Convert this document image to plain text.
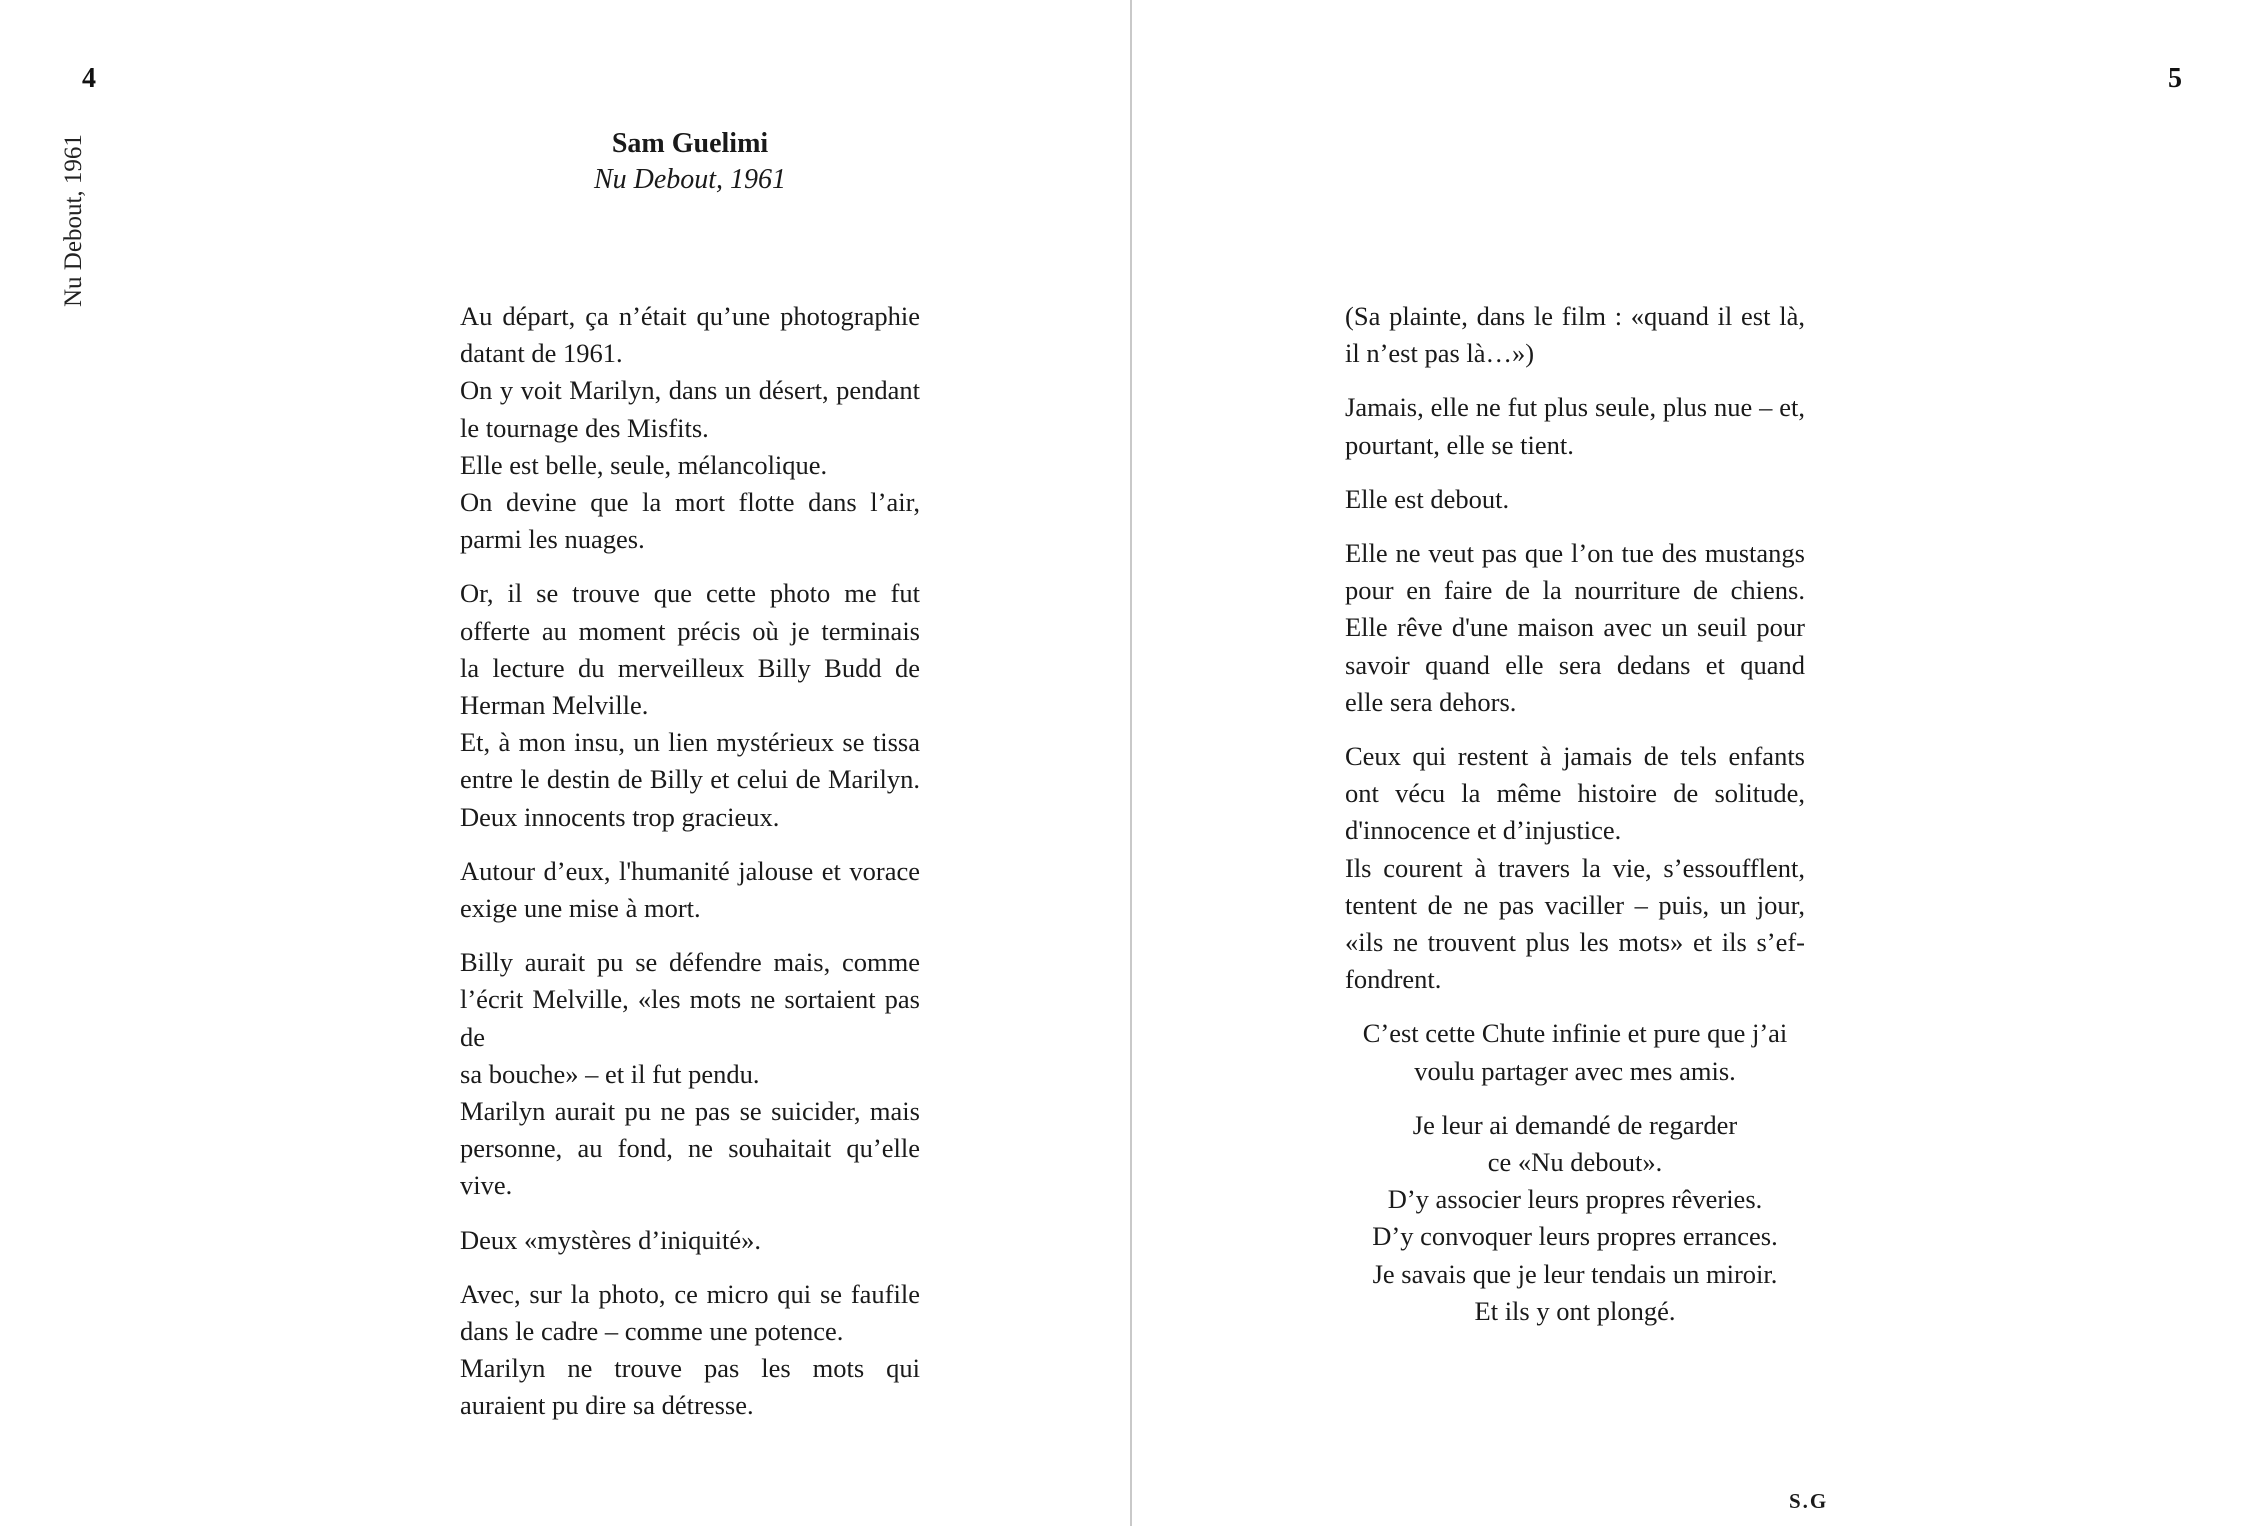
4
Nu Debout, 1961	Sam Guelimi
Nu Debout, 1961

Au départ, ça n’était qu’une photographie
datant de 1961.
On y voit Marilyn, dans un désert, pendant
le tournage des Misfits.
Elle est belle, seule, mélancolique.
On devine que la mort flotte dans l’air,
parmi les nuages.

Or, il se trouve que cette photo me fut
offerte au moment précis où je terminais
la lecture du merveilleux Billy Budd de
Herman Melville.
Et, à mon insu, un lien mystérieux se tissa
entre le destin de Billy et celui de Marilyn.
Deux innocents trop gracieux.

Autour d’eux, l'humanité jalouse et vorace
exige une mise à mort.

Billy aurait pu se défendre mais, comme
l’écrit Melville, «les mots ne sortaient pas de
sa bouche» – et il fut pendu.
Marilyn aurait pu ne pas se suicider, mais
personne, au fond, ne souhaitait qu’elle vive.

Deux «mystères d’iniquité».

Avec, sur la photo, ce micro qui se faufile
dans le cadre – comme une potence.
Marilyn ne trouve pas les mots qui
auraient pu dire sa détresse.

5

(Sa plainte, dans le film : «quand il est là,
il n’est pas là…»)

Jamais, elle ne fut plus seule, plus nue – et,
pourtant, elle se tient.

Elle est debout.

Elle ne veut pas que l’on tue des mustangs
pour en faire de la nourriture de chiens.
Elle rêve d'une maison avec un seuil pour
savoir quand elle sera dedans et quand
elle sera dehors.

Ceux qui restent à jamais de tels enfants
ont vécu la même histoire de solitude,
d'innocence et d’injustice.
Ils courent à travers la vie, s’essoufflent,
tentent de ne pas vaciller – puis, un jour,
«ils ne trouvent plus les mots» et ils s’ef-
fondrent.

C’est cette Chute infinie et pure que j’ai
voulu partager avec mes amis.

Je leur ai demandé de regarder
ce «Nu debout».
D’y associer leurs propres rêveries.
D’y convoquer leurs propres errances.
Je savais que je leur tendais un miroir.
Et ils y ont plongé.

S.G
